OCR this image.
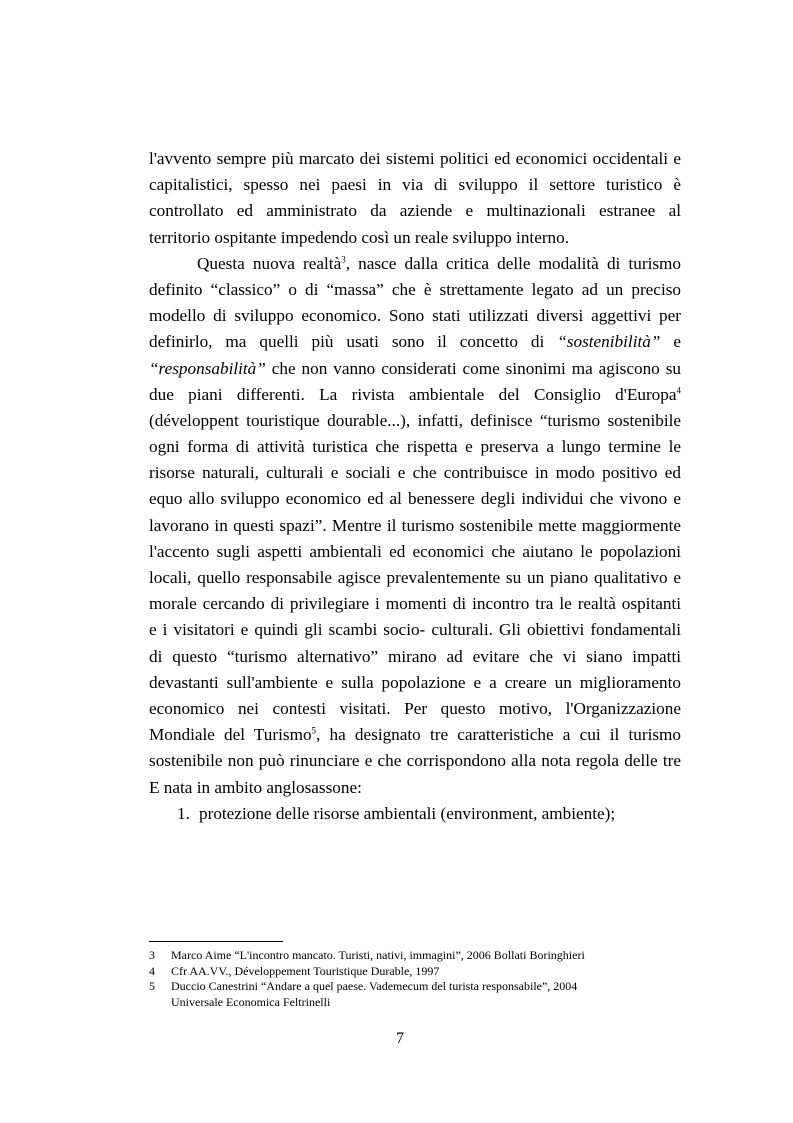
l'avvento sempre più marcato dei sistemi politici ed economici occidentali e
capitalistici, spesso nei paesi in via di sviluppo il settore turistico è
controllato ed amministrato da aziende e multinazionali estranee al
territorio ospitante impedendo così un reale sviluppo interno.
Questa nuova realtà$^3$, nasce dalla critica delle modalità di turismo
definito “classico” o di “massa” che è strettamente legato ad un preciso
modello di sviluppo economico. Sono stati utilizzati diversi aggettivi per
definirlo, ma quelli più usati sono il concetto di “sostenibilità” e
“responsabilità” che non vanno considerati come sinonimi ma agiscono su
due piani differenti. La rivista ambientale del Consiglio d'Europa$^4$
(développent touristique dourable...), infatti, definisce “turismo sostenibile
ogni forma di attività turistica che rispetta e preserva a lungo termine le
risorse naturali, culturali e sociali e che contribuisce in modo positivo ed
equo allo sviluppo economico ed al benessere degli individui che vivono e
lavorano in questi spazi”. Mentre il turismo sostenibile mette maggiormente
l'accento sugli aspetti ambientali ed economici che aiutano le popolazioni
locali, quello responsabile agisce prevalentemente su un piano qualitativo e
morale cercando di privilegiare i momenti di incontro tra le realtà ospitanti
e i visitatori e quindi gli scambi socio- culturali. Gli obiettivi fondamentali
di questo “turismo alternativo” mirano ad evitare che vi siano impatti
devastanti sull'ambiente e sulla popolazione e a creare un miglioramento
economico nei contesti visitati. Per questo motivo, l'Organizzazione
Mondiale del Turismo$^5$, ha designato tre caratteristiche a cui il turismo
sostenibile non può rinunciare e che corrispondono alla nota regola delle tre
E nata in ambito anglosassone:
1. protezione delle risorse ambientali (environment, ambiente);
3	Marco Aime “L'incontro mancato. Turisti, nativi, immagini”, 2006 Bollati Boringhieri
4	Cfr AA.VV., Développement Touristique Durable, 1997
5	Duccio Canestrini “Andare a quel paese. Vademecum del turista responsabile”, 2004
Universale Economica Feltrinelli
7
